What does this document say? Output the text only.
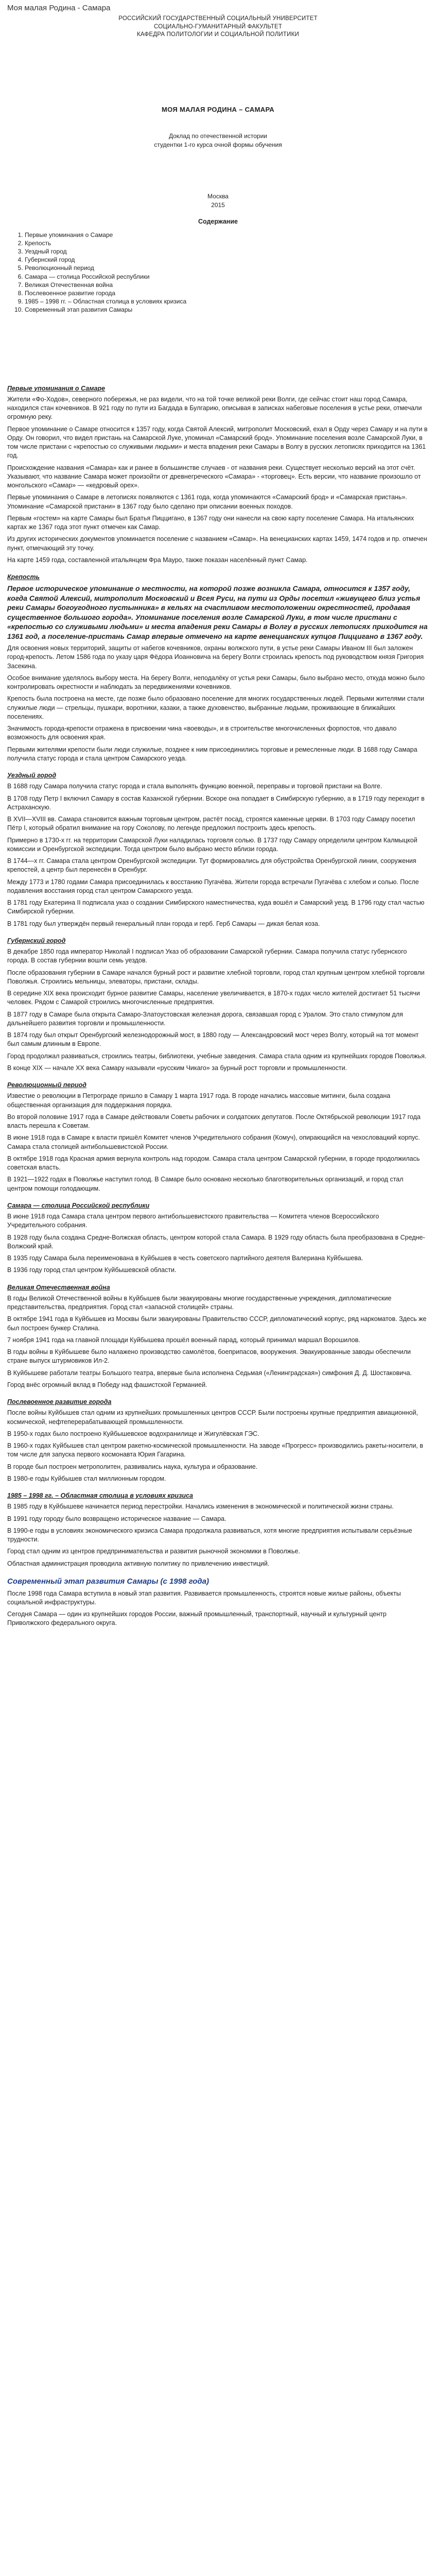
Моя малая Родина - Самара
РОССИЙСКИЙ ГОСУДАРСТВЕННЫЙ СОЦИАЛЬНЫЙ УНИВЕРСИТЕТ
СОЦИАЛЬНО-ГУМАНИТАРНЫЙ ФАКУЛЬТЕТ
КАФЕДРА ПОЛИТОЛОГИИ И СОЦИАЛЬНОЙ ПОЛИТИКИ
МОЯ МАЛАЯ РОДИНА – САМАРА
Доклад по отечественной истории
студентки 1-го курса очной формы обучения
Москва
2015
Содержание
1. Первые упоминания о Самаре
2. Крепость
3. Уездный город
4. Губернский город
5. Революционный период
6. Самара — столица Российской республики
7. Великая Отечественная война
8. Послевоенное развитие города
9. 1985 – 1998 гг. – Областная столица в условиях кризиса
10. Современный этап развития Самары
Первые упоминания о Самаре

Жители «Фо-Ходов», северного побережья, не раз видели, что на той точке великой реки Волги, где сейчас стоит наш город Самара, находился стан кочевников. В 921 году по пути из Багдада в Булгарию, описывая в записках набеговые поселения в устье реки, отмечали огромную реку.

Первое упоминание о Самаре относится к 1357 году, когда Святой Алексий, митрополит Московский, ехал в Орду через Самару и на пути в Орду. Он говорил, что видел пристань на Самарской Луке, упоминал «Самарский брод». Упоминание поселения возле Самарской Луки, в том числе пристани с «крепостью со служивыми людьми» и места впадения реки Самары в Волгу в русских летописях приходится на 1361 год.

Происхождение названия «Самара» как и ранее в большинстве случаев - от названия реки. Существует несколько версий на этот счёт. Указывают, что название Самара может произойти от древнегреческого «Самара» - «торговец». Есть версии, что название произошло от монгольского «Самар» — «кедровый орех».

Первые упоминания о Самаре в летописях появляются с 1361 года, когда упоминаются «Самарский брод» и «Самарская пристань». Упоминание «Самарской пристани» в 1367 году было сделано при описании военных походов.

Первым «гостем» на карте Самары был Братья Пиццигано, в 1367 году они нанесли на свою карту поселение Самара. На итальянских картах же 1367 года этот пункт отмечен как Самар.

Из других исторических документов упоминается поселение с названием «Самар». На венецианских картах 1459, 1474 годов и пр. отмечен пункт, отмечающий эту точку.

На карте 1459 года, составленной итальянцем Фра Мауро, также показан населённый пункт Самар.

Крепость

Первое историческое упоминание о местности, на которой позже возникла Самара, относится к 1357 году, когда Святой Алексий, митрополит Московский и Всея Руси, на пути из Орды посетил «живущего близ устья реки Самары богоугодного пустынника» в кельях на счастливом местоположении окрестностей, продавая существенное большого города». Упоминание поселения возле Самарской Луки, в том числе пристани с «крепостью со служивыми людьми» и места впадения реки Самары в Волгу в русских летописях приходится на 1361 год, а поселение-пристань Самар впервые отмечено на карте венецианских купцов Пиццигано в 1367 году.

Для освоения новых территорий, защиты от набегов кочевников, охраны волжского пути, в устье реки Самары Иваном III был заложен город-крепость. Летом 1586 года по указу царя Фёдора Иоанновича на берегу Волги строилась крепость под руководством князя Григория Засекина.

Особое внимание уделялось выбору места. На берегу Волги, неподалёку от устья реки Самары, было выбрано место, откуда можно было контролировать окрестности и наблюдать за передвижениями кочевников.

Крепость была построена на месте, где позже было образовано поселение для многих государственных людей. Первыми жителями стали служилые люди — стрельцы, пушкари, воротники, казаки, а также духовенство, выбранные людьми, проживающие в ближайших поселениях.

Значимость города-крепости отражена в присвоении чина «воеводы», и в строительстве многочисленных форпостов, что давало возможность для освоения края.

Первыми жителями крепости были люди служилые, позднее к ним присоединились торговые и ремесленные люди. В 1688 году Самара получила статус города и стала центром Самарского уезда.

Уездный город

В 1688 году Самара получила статус города и стала выполнять функцию военной, переправы и торговой пристани на Волге.

В 1708 году Петр I включил Самару в состав Казанской губернии. Вскоре она попадает в Симбирскую губернию, а в 1719 году переходит в Астраханскую.

В XVII—XVIII вв. Самара становится важным торговым центром, растёт посад, строятся каменные церкви. В 1703 году Самару посетил Пётр I, который обратил внимание на гору Соколову, по легенде предложил построить здесь крепость.

Примерно в 1730-х гг. на территории Самарской Луки наладилась торговля солью. В 1737 году Самару определили центром Калмыцкой комиссии и Оренбургской экспедиции. Тогда центром было выбрано место вблизи города.

В 1744—х гг. Самара стала центром Оренбургской экспедиции. Тут формировались для обустройства Оренбургской линии, сооружения крепостей, а центр был перенесён в Оренбург.

Между 1773 и 1780 годами Самара присоединилась к восстанию Пугачёва. Жители города встречали Пугачёва с хлебом и солью. После подавления восстания город стал центром Самарского уезда.

В 1781 году Екатерина II подписала указ о создании Симбирского наместничества, куда вошёл и Самарский уезд. В 1796 году стал частью Симбирской губернии.

В 1781 году был утверждён первый генеральный план города и герб. Герб Самары — дикая белая коза.

Губернский город

В декабре 1850 года император Николай I подписал Указ об образовании Самарской губернии. Самара получила статус губернского города. В состав губернии вошли семь уездов.

После образования губернии в Самаре начался бурный рост и развитие хлебной торговли, город стал крупным центром хлебной торговли Поволжья. Строились мельницы, элеваторы, пристани, склады.

В середине XIX века происходит бурное развитие Самары, население увеличивается, в 1870-х годах число жителей достигает 51 тысячи человек. Рядом с Самарой строились многочисленные предприятия.

В 1877 году в Самаре была открыта Самаро-Златоустовская железная дорога, связавшая город с Уралом. Это стало стимулом для дальнейшего развития торговли и промышленности.

В 1874 году был открыт Оренбургский железнодорожный мост, в 1880 году — Александровский мост через Волгу, который на тот момент был самым длинным в Европе.

Город продолжал развиваться, строились театры, библиотеки, учебные заведения. Самара стала одним из крупнейших городов Поволжья.

В конце XIX — начале XX века Самару называли «русским Чикаго» за бурный рост торговли и промышленности.

Революционный период

Известие о революции в Петрограде пришло в Самару 1 марта 1917 года. В городе начались массовые митинги, была создана общественная организация для поддержания порядка.

Во второй половине 1917 года в Самаре действовали Советы рабочих и солдатских депутатов. После Октябрьской революции 1917 года власть перешла к Советам.

В июне 1918 года в Самаре к власти пришёл Комитет членов Учредительного собрания (Комуч), опирающийся на чехословацкий корпус. Самара стала столицей антибольшевистской России.

В октябре 1918 года Красная армия вернула контроль над городом. Самара стала центром Самарской губернии, в городе продолжилась советская власть.

В 1921—1922 годах в Поволжье наступил голод. В Самаре было основано несколько благотворительных организаций, и город стал центром помощи голодающим.

Самара — столица Российской республики

В июне 1918 года Самара стала центром первого антибольшевистского правительства — Комитета членов Всероссийского Учредительного собрания.

В 1928 году была создана Средне-Волжская область, центром которой стала Самара. В 1929 году область была преобразована в Средне-Волжский край.

В 1935 году Самара была переименована в Куйбышев в честь советского партийного деятеля Валериана Куйбышева.

В 1936 году город стал центром Куйбышевской области.

Великая Отечественная война

В годы Великой Отечественной войны в Куйбышев были эвакуированы многие государственные учреждения, дипломатические представительства, предприятия. Город стал «запасной столицей» страны.

В октябре 1941 года в Куйбышев из Москвы были эвакуированы Правительство СССР, дипломатический корпус, ряд наркоматов. Здесь же был построен бункер Сталина.

7 ноября 1941 года на главной площади Куйбышева прошёл военный парад, который принимал маршал Ворошилов.

В годы войны в Куйбышеве было налажено производство самолётов, боеприпасов, вооружения. Эвакуированные заводы обеспечили стране выпуск штурмовиков Ил-2.

В Куйбышеве работали театры Большого театра, впервые была исполнена Седьмая («Ленинградская») симфония Д. Д. Шостаковича.

Город внёс огромный вклад в Победу над фашистской Германией.

Послевоенное развитие города

После войны Куйбышев стал одним из крупнейших промышленных центров СССР. Были построены крупные предприятия авиационной, космической, нефтеперерабатывающей промышленности.

В 1950-х годах было построено Куйбышевское водохранилище и Жигулёвская ГЭС.

В 1960-х годах Куйбышев стал центром ракетно-космической промышленности. На заводе «Прогресс» производились ракеты-носители, в том числе для запуска первого космонавта Юрия Гагарина.

В городе был построен метрополитен, развивались наука, культура и образование.

В 1980-е годы Куйбышев стал миллионным городом.

1985 – 1998 гг. – Областная столица в условиях кризиса

В 1985 году в Куйбышеве начинается период перестройки. Начались изменения в экономической и политической жизни страны.

В 1991 году городу было возвращено историческое название — Самара.

В 1990-е годы в условиях экономического кризиса Самара продолжала развиваться, хотя многие предприятия испытывали серьёзные трудности.

Город стал одним из центров предпринимательства и развития рыночной экономики в Поволжье.

Областная администрация проводила активную политику по привлечению инвестиций.

Современный этап развития Самары (с 1998 года)

После 1998 года Самара вступила в новый этап развития. Развивается промышленность, строятся новые жилые районы, объекты социальной инфраструктуры.

Сегодня Самара — один из крупнейших городов России, важный промышленный, транспортный, научный и культурный центр Приволжского федерального округа.
